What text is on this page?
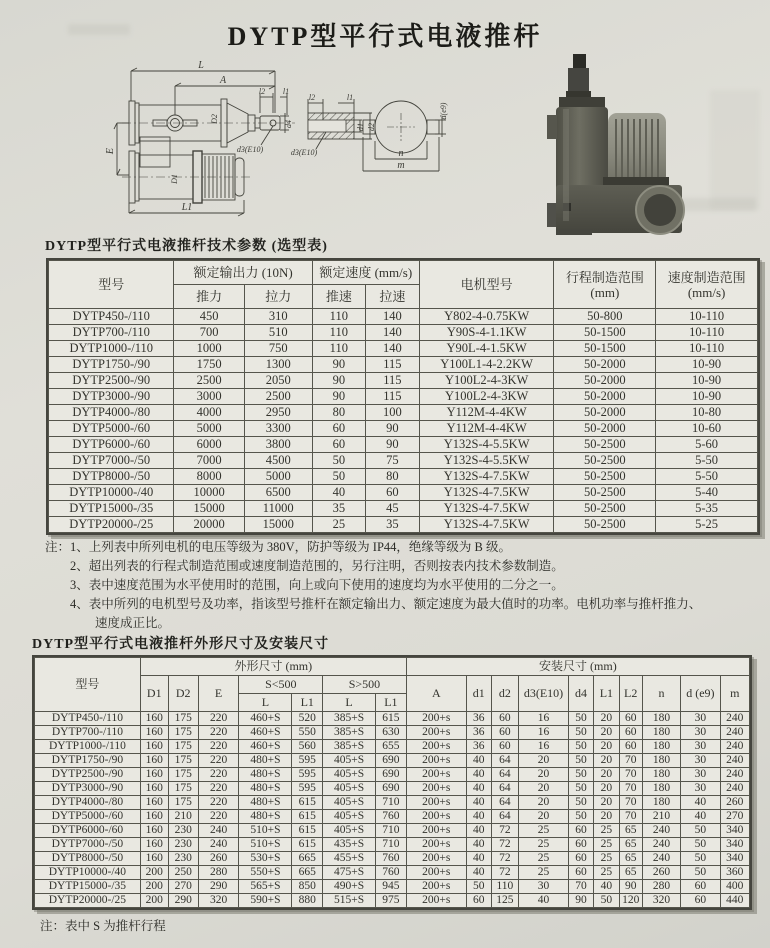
DYTP型平行式电液推杆
L
A
l2 l1
D2
d4
d3(E10)
E
D1
L1
l2	l1
d1 d2
d3(E10)
d(e9)
n
m
DYTP型平行式电液推杆技术参数 (选型表)
型号	额定输出力 (10N)	额定速度 (mm/s)	电机型号	行程制造范围
(mm)

速度制造范围
(mm/s)

	推力	拉力	推速	拉速			
DYTP450-/110	450	310	110	140	Y802-4-0.75KW	50-800	10-110
DYTP700-/110	700	510	110	140	Y90S-4-1.1KW	50-1500	10-110
DYTP1000-/110	1000	750	110	140	Y90L-4-1.5KW	50-1500	10-110
DYTP1750-/90	1750	1300	90	115	Y100L1-4-2.2KW	50-2000	10-90
DYTP2500-/90	2500	2050	90	115	Y100L2-4-3KW	50-2000	10-90
DYTP3000-/90	3000	2500	90	115	Y100L2-4-3KW	50-2000	10-90
DYTP4000-/80	4000	2950	80	100	Y112M-4-4KW	50-2000	10-80
DYTP5000-/60	5000	3300	60	90	Y112M-4-4KW	50-2000	10-60
DYTP6000-/60	6000	3800	60	90	Y132S-4-5.5KW	50-2500	5-60
DYTP7000-/50	7000	4500	50	75	Y132S-4-5.5KW	50-2500	5-50
DYTP8000-/50	8000	5000	50	80	Y132S-4-7.5KW	50-2500	5-50
DYTP10000-/40	10000	6500	40	60	Y132S-4-7.5KW	50-2500	5-40
DYTP15000-/35	15000	11000	35	45	Y132S-4-7.5KW	50-2500	5-35
DYTP20000-/25	20000	15000	25	35	Y132S-4-7.5KW	50-2500	5-25
注：1、上列表中所列电机的电压等级为 380V，防护等级为 IP44，绝缘等级为 B 级。
2、超出列表的行程式制造范围或速度制造范围的，另行注明，否则按表内技术参数制造。
3、表中速度范围为水平使用时的范围，向上或向下使用的速度均为水平使用的二分之一。
4、表中所列的电机型号及功率，指该型号推杆在额定输出力、额定速度为最大值时的功率。电机功率与推杆推力、
速度成正比。
DYTP型平行式电液推杆外形尺寸及安装尺寸
型号	外形尺寸 (mm)							安装尺寸 (mm)									
	D1	D2	E	S<500		S>500		A	d1	d2	d3(E10)	d4	L1	L2	n	d (e9)	m
				L	L1	L	L1										
DYTP450-/110	160	175	220	460+S	520	385+S	615	200+s	36	60	16	50	20	60	180	30	240
DYTP700-/110	160	175	220	460+S	550	385+S	630	200+s	36	60	16	50	20	60	180	30	240
DYTP1000-/110	160	175	220	460+S	560	385+S	655	200+s	36	60	16	50	20	60	180	30	240
DYTP1750-/90	160	175	220	480+S	595	405+S	690	200+s	40	64	20	50	20	70	180	30	240
DYTP2500-/90	160	175	220	480+S	595	405+S	690	200+s	40	64	20	50	20	70	180	30	240
DYTP3000-/90	160	175	220	480+S	595	405+S	690	200+s	40	64	20	50	20	70	180	30	240
DYTP4000-/80	160	175	220	480+S	615	405+S	710	200+s	40	64	20	50	20	70	180	40	260
DYTP5000-/60	160	210	220	480+S	615	405+S	760	200+s	40	64	20	50	20	70	210	40	270
DYTP6000-/60	160	230	240	510+S	615	405+S	710	200+s	40	72	25	60	25	65	240	50	340
DYTP7000-/50	160	230	240	510+S	615	435+S	710	200+s	40	72	25	60	25	65	240	50	340
DYTP8000-/50	160	230	260	530+S	665	455+S	760	200+s	40	72	25	60	25	65	240	50	340
DYTP10000-/40	200	250	280	550+S	665	475+S	760	200+s	40	72	25	60	25	65	260	50	360
DYTP15000-/35	200	270	290	565+S	850	490+S	945	200+s	50	110	30	70	40	90	280	60	400
DYTP20000-/25	200	290	320	590+S	880	515+S	975	200+s	60	125	40	90	50	120	320	60	440
注：表中 S 为推杆行程
